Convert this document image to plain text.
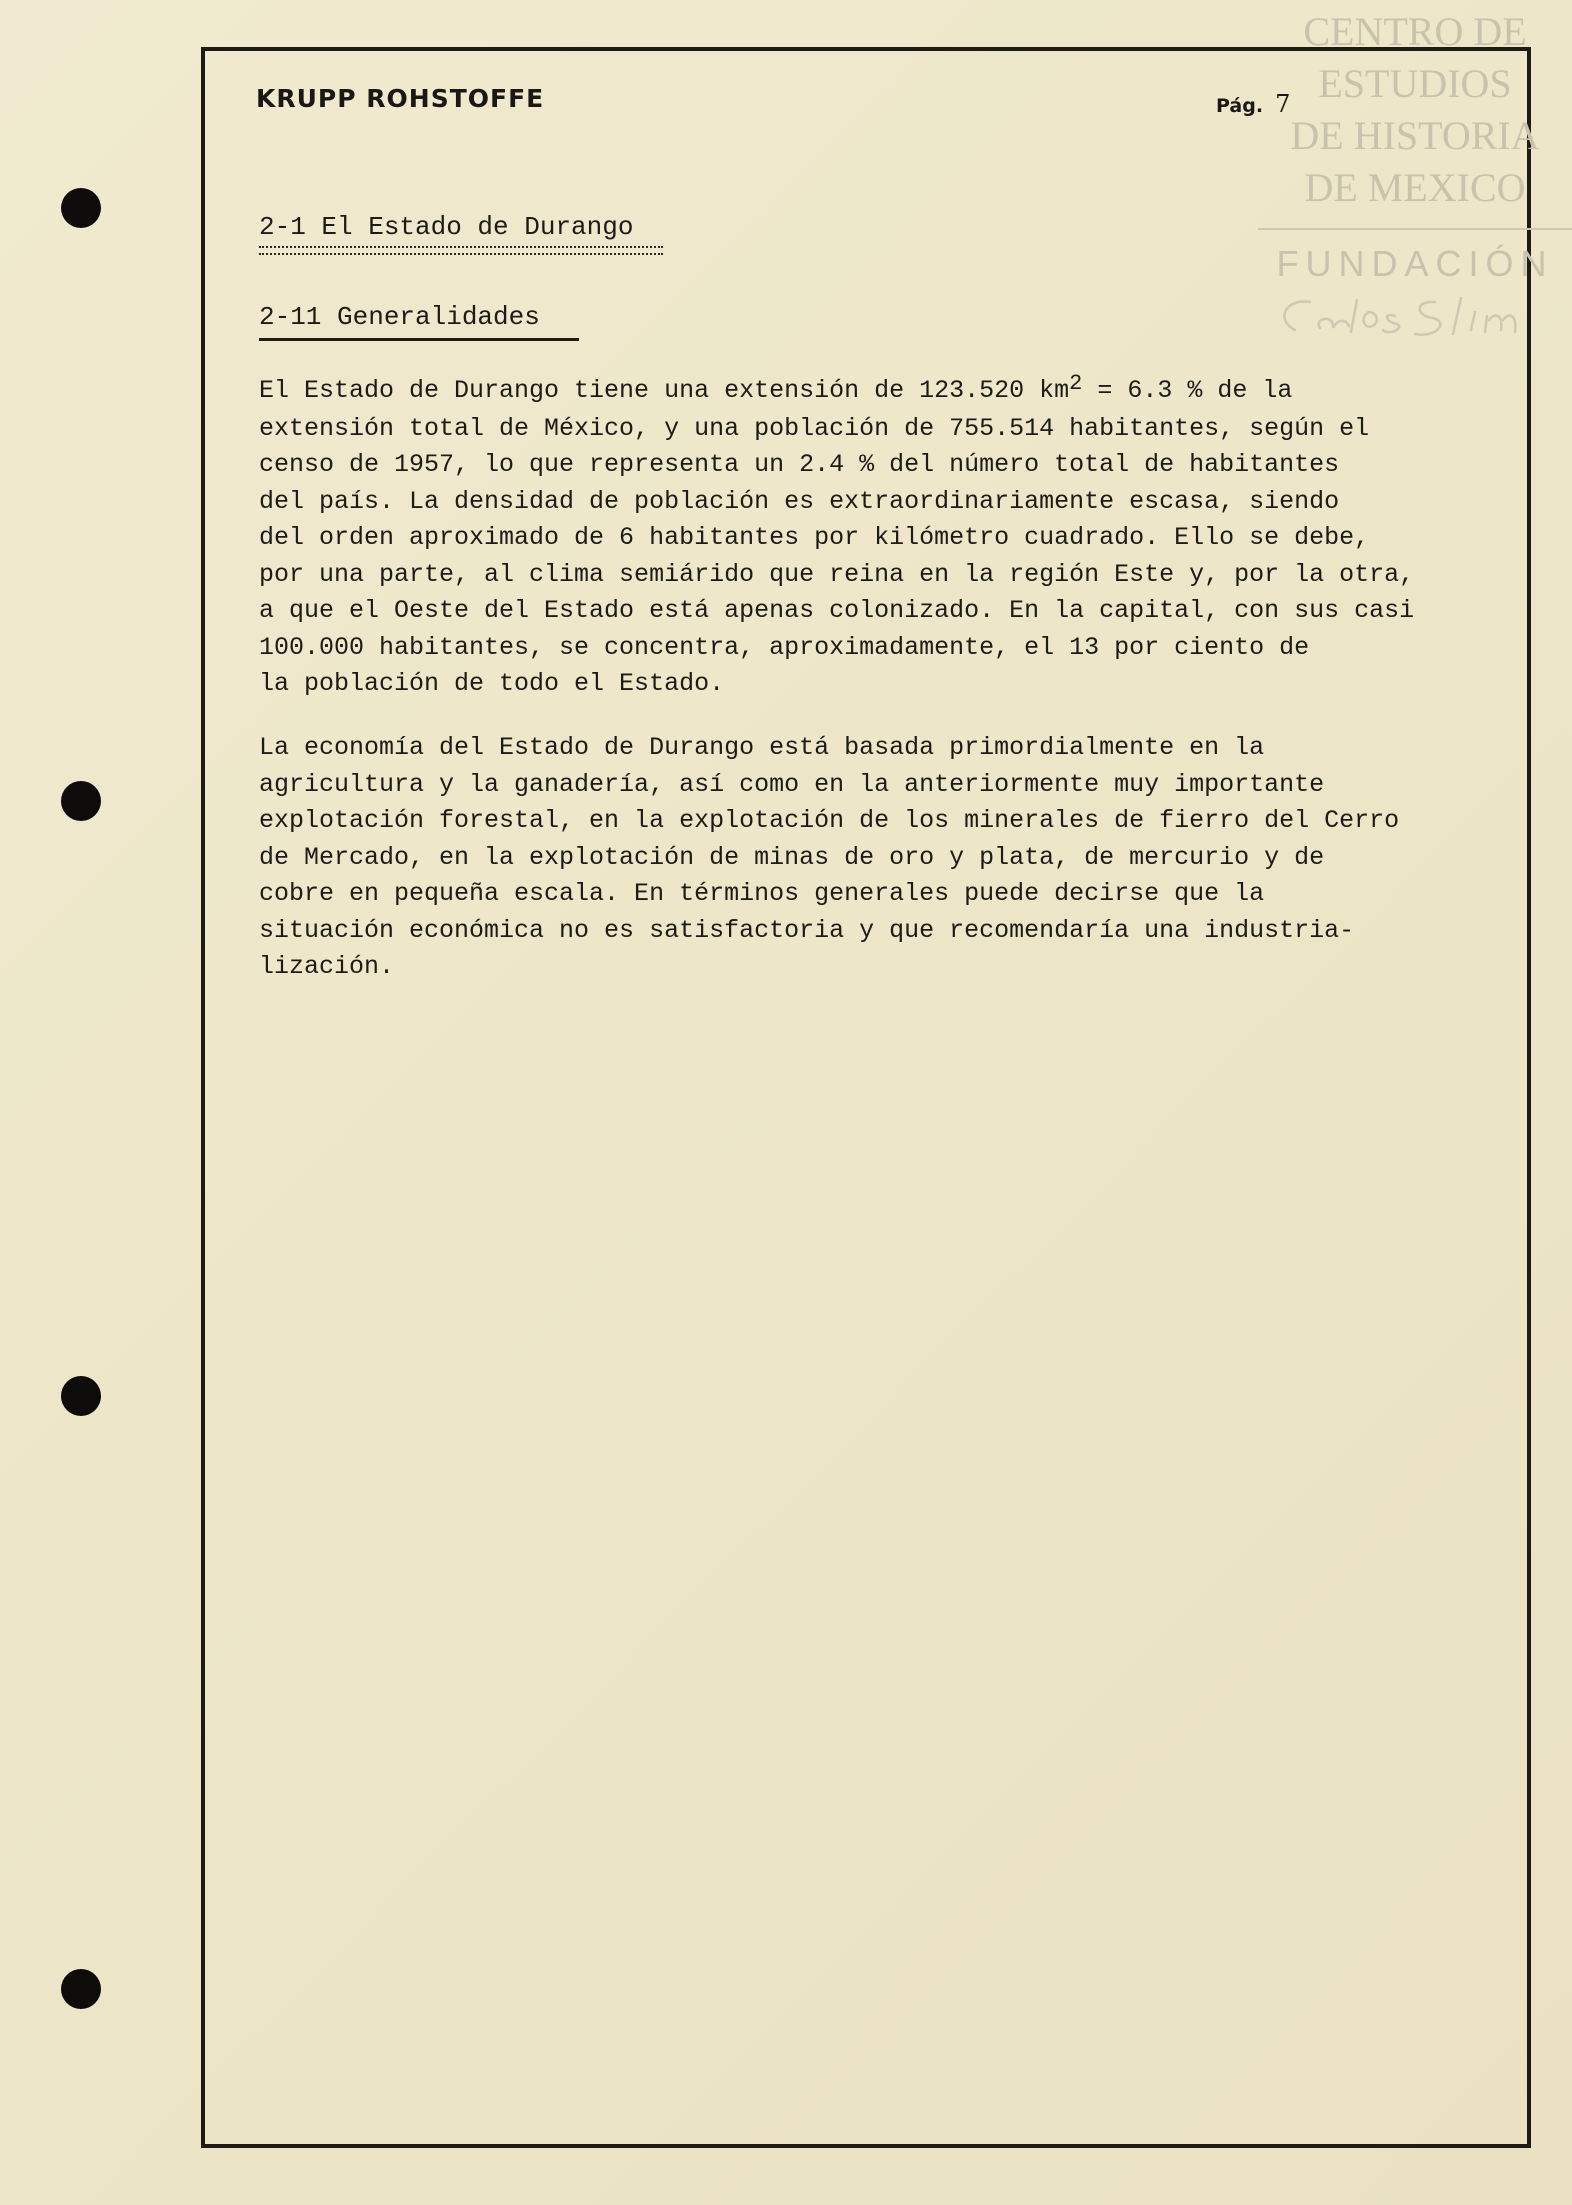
CENTRO DE
ESTUDIOS
DE HISTORIA
DE MEXICO
FUNDACIÓN
KRUPP ROHSTOFFE	Pág. 7
2-1 El Estado de Durango
2-11 Generalidades
El Estado de Durango tiene una extensión de 123.520 $km^2 = 6.3$ % de la
extensión total de México, y una población de 755.514 habitantes, según el
censo de 1957, lo que representa un 2.4 % del número total de habitantes
del país. La densidad de población es extraordinariamente escasa, siendo
del orden aproximado de 6 habitantes por kilómetro cuadrado. Ello se debe,
por una parte, al clima semiárido que reina en la región Este y, por la otra,
a que el Oeste del Estado está apenas colonizado. En la capital, con sus casi
100.000 habitantes, se concentra, aproximadamente, el 13 por ciento de
la población de todo el Estado.
La economía del Estado de Durango está basada primordialmente en la
agricultura y la ganadería, así como en la anteriormente muy importante
explotación forestal, en la explotación de los minerales de fierro del Cerro
de Mercado, en la explotación de minas de oro y plata, de mercurio y de
cobre en pequeña escala. En términos generales puede decirse que la
situación económica no es satisfactoria y que recomendaría una industria-
lización.
